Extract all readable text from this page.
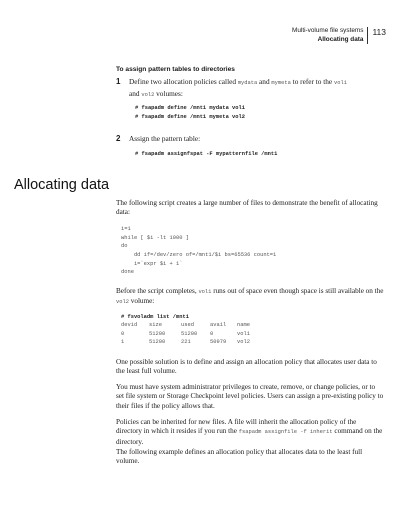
Multi-volume file systems
Allocating data
113
To assign pattern tables to directories
1 Define two allocation policies called mydata and mymeta to refer to the vol1
and vol2 volumes:
# fsapadm define /mnt1 mydata vol1
# fsapadm define /mnt1 mymeta vol2
2 Assign the pattern table:
# fsapadm assignfspat -F mypatternfile /mnt1
Allocating data
The following script creates a large number of files to demonstrate the benefit of allocating data:
i=1
while [ $i -lt 1000 ]
do
dd if=/dev/zero of=/mnt1/$i bs=65536 count=1
i=`expr $i + 1`
done
Before the script completes, vol1 runs out of space even though space is still available on the vol2 volume:
# fsvoladm list /mnt1
devid	size	used	avail	name
0	51200	51200	0	vol1
1	51200	221	50979	vol2
One possible solution is to define and assign an allocation policy that allocates user data to the least full volume.
You must have system administrator privileges to create, remove, or change policies, or to set file system or Storage Checkpoint level policies. Users can assign a pre-existing policy to their files if the policy allows that.
Policies can be inherited for new files. A file will inherit the allocation policy of the directory in which it resides if you run the fsapadm assignfile -f inherit command on the directory.
The following example defines an allocation policy that allocates data to the least full volume.
